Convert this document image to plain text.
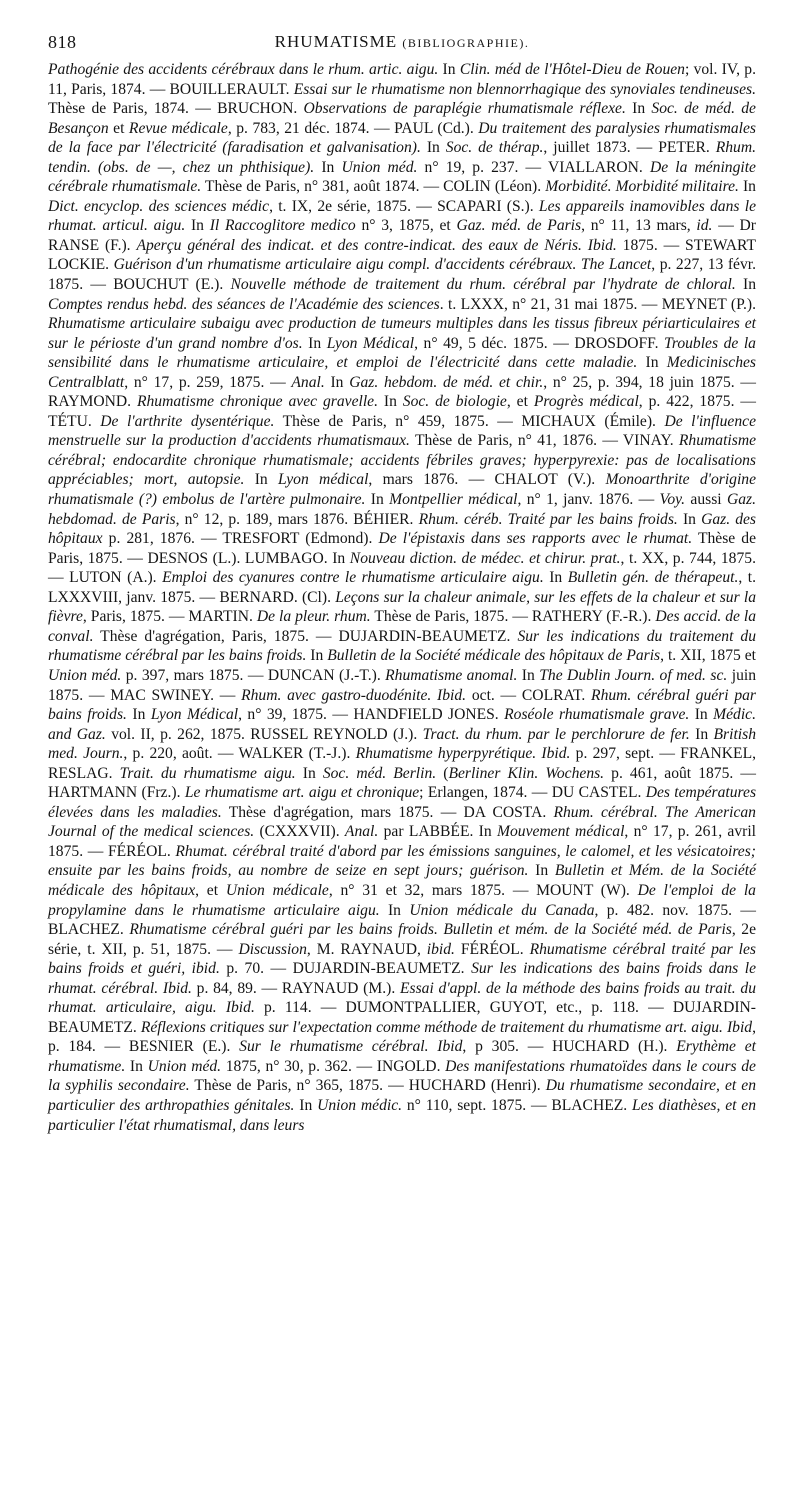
818	RHUMATISME (BIBLIOGRAPHIE).

Pathogénie des accidents cérébraux dans le rhum. artic. aigu. In Clin. méd de l'Hôtel-Dieu de Rouen; vol. IV, p. 11, Paris, 1874. — BOUILLERAULT. Essai sur le rhumatisme non blennorrhagique des synoviales tendineuses. Thèse de Paris, 1874. — BRUCHON. Observations de paraplégie rhumatismale réflexe. In Soc. de méd. de Besançon et Revue médicale, p. 783, 21 déc. 1874. — PAUL (Cd.). Du traitement des paralysies rhumatismales de la face par l'électricité (faradisation et galvanisation). In Soc. de thérap., juillet 1873. — PETER. Rhum. tendin. (obs. de —, chez un phthisique). In Union méd. n° 19, p. 237. — VIALLARON. De la méningite cérébrale rhumatismale. Thèse de Paris, n° 381, août 1874. — COLIN (Léon). Morbidité. Morbidité militaire. In Dict. encyclop. des sciences médic, t. IX, 2e série, 1875. — SCAPARI (S.). Les appareils inamovibles dans le rhumat. articul. aigu. In Il Raccoglitore medico n° 3, 1875, et Gaz. méd. de Paris, n° 11, 13 mars, id. — Dr RANSE (F.). Aperçu général des indicat. et des contre-indicat. des eaux de Néris. Ibid. 1875. — STEWART LOCKIE. Guérison d'un rhumatisme articulaire aigu compl. d'accidents cérébraux. The Lancet, p. 227, 13 févr. 1875. — BOUCHUT (E.). Nouvelle méthode de traitement du rhum. cérébral par l'hydrate de chloral. In Comptes rendus hebd. des séances de l'Académie des sciences. t. LXXX, n° 21, 31 mai 1875. — MEYNET (P.). Rhumatisme articulaire subaigu avec production de tumeurs multiples dans les tissus fibreux périarticulaires et sur le périoste d'un grand nombre d'os. In Lyon Médical, n° 49, 5 déc. 1875. — DROSDOFF. Troubles de la sensibilité dans le rhumatisme articulaire, et emploi de l'électricité dans cette maladie. In Medicinisches Centralblatt, n° 17, p. 259, 1875. — Anal. In Gaz. hebdom. de méd. et chir., n° 25, p. 394, 18 juin 1875. — RAYMOND. Rhumatisme chronique avec gravelle. In Soc. de biologie, et Progrès médical, p. 422, 1875. — TÉTU. De l'arthrite dysentérique. Thèse de Paris, n° 459, 1875. — MICHAUX (Émile). De l'influence menstruelle sur la production d'accidents rhumatismaux. Thèse de Paris, n° 41, 1876. — VINAY. Rhumatisme cérébral; endocardite chronique rhumatismale; accidents fébriles graves; hyperpyrexie: pas de localisations appréciables; mort, autopsie. In Lyon médical, mars 1876. — CHALOT (V.). Monoarthrite d'origine rhumatismale (?) embolus de l'artère pulmonaire. In Montpellier médical, n° 1, janv. 1876. — Voy. aussi Gaz. hebdomad. de Paris, n° 12, p. 189, mars 1876. BÉHIER. Rhum. céréb. Traité par les bains froids. In Gaz. des hôpitaux p. 281, 1876. — TRESFORT (Edmond). De l'épistaxis dans ses rapports avec le rhumat. Thèse de Paris, 1875. — DESNOS (L.). LUMBAGO. In Nouveau diction. de médec. et chirur. prat., t. XX, p. 744, 1875. — LUTON (A.). Emploi des cyanures contre le rhumatisme articulaire aigu. In Bulletin gén. de thérapeut., t. LXXXVIII, janv. 1875. — BERNARD. (Cl). Leçons sur la chaleur animale, sur les effets de la chaleur et sur la fièvre, Paris, 1875. — MARTIN. De la pleur. rhum. Thèse de Paris, 1875. — RATHERY (F.-R.). Des accid. de la conval. Thèse d'agrégation, Paris, 1875. — DUJARDIN-BEAUMETZ. Sur les indications du traitement du rhumatisme cérébral par les bains froids. In Bulletin de la Société médicale des hôpitaux de Paris, t. XII, 1875 et Union méd. p. 397, mars 1875. — DUNCAN (J.-T.). Rhumatisme anomal. In The Dublin Journ. of med. sc. juin 1875. — MAC SWINEY. — Rhum. avec gastro-duodénite. Ibid. oct. — COLRAT. Rhum. cérébral guéri par bains froids. In Lyon Médical, n° 39, 1875. — HANDFIELD JONES. Roséole rhumatismale grave. In Médic. and Gaz. vol. II, p. 262, 1875. RUSSEL REYNOLD (J.). Tract. du rhum. par le perchlorure de fer. In British med. Journ., p. 220, août. — WALKER (T.-J.). Rhumatisme hyperpyrétique. Ibid. p. 297, sept. — FRANKEL, RESLAG. Trait. du rhumatisme aigu. In Soc. méd. Berlin. (Berliner Klin. Wochens. p. 461, août 1875. — HARTMANN (Frz.). Le rhumatisme art. aigu et chronique; Erlangen, 1874. — DU CASTEL. Des températures élevées dans les maladies. Thèse d'agrégation, mars 1875. — DA COSTA. Rhum. cérébral. The American Journal of the medical sciences. (CXXXVII). Anal. par LABBÉE. In Mouvement médical, n° 17, p. 261, avril 1875. — FÉRÉOL. Rhumat. cérébral traité d'abord par les émissions sanguines, le calomel, et les vésicatoires; ensuite par les bains froids, au nombre de seize en sept jours; guérison. In Bulletin et Mém. de la Société médicale des hôpitaux, et Union médicale, n° 31 et 32, mars 1875. — MOUNT (W). De l'emploi de la propylamine dans le rhumatisme articulaire aigu. In Union médicale du Canada, p. 482. nov. 1875. — BLACHEZ. Rhumatisme cérébral guéri par les bains froids. Bulletin et mém. de la Société méd. de Paris, 2e série, t. XII, p. 51, 1875. — Discussion, M. RAYNAUD, ibid. FÉRÉOL. Rhumatisme cérébral traité par les bains froids et guéri, ibid. p. 70. — DUJARDIN-BEAUMETZ. Sur les indications des bains froids dans le rhumat. cérébral. Ibid. p. 84, 89. — RAYNAUD (M.). Essai d'appl. de la méthode des bains froids au trait. du rhumat. articulaire, aigu. Ibid. p. 114. — DUMONTPALLIER, GUYOT, etc., p. 118. — DUJARDIN-BEAUMETZ. Réflexions critiques sur l'expectation comme méthode de traitement du rhumatisme art. aigu. Ibid, p. 184. — BESNIER (E.). Sur le rhumatisme cérébral. Ibid, p 305. — HUCHARD (H.). Erythème et rhumatisme. In Union méd. 1875, n° 30, p. 362. — INGOLD. Des manifestations rhumatoïdes dans le cours de la syphilis secondaire. Thèse de Paris, n° 365, 1875. — HUCHARD (Henri). Du rhumatisme secondaire, et en particulier des arthropathies génitales. In Union médic. n° 110, sept. 1875. — BLACHEZ. Les diathèses, et en particulier l'état rhumatismal, dans leurs
